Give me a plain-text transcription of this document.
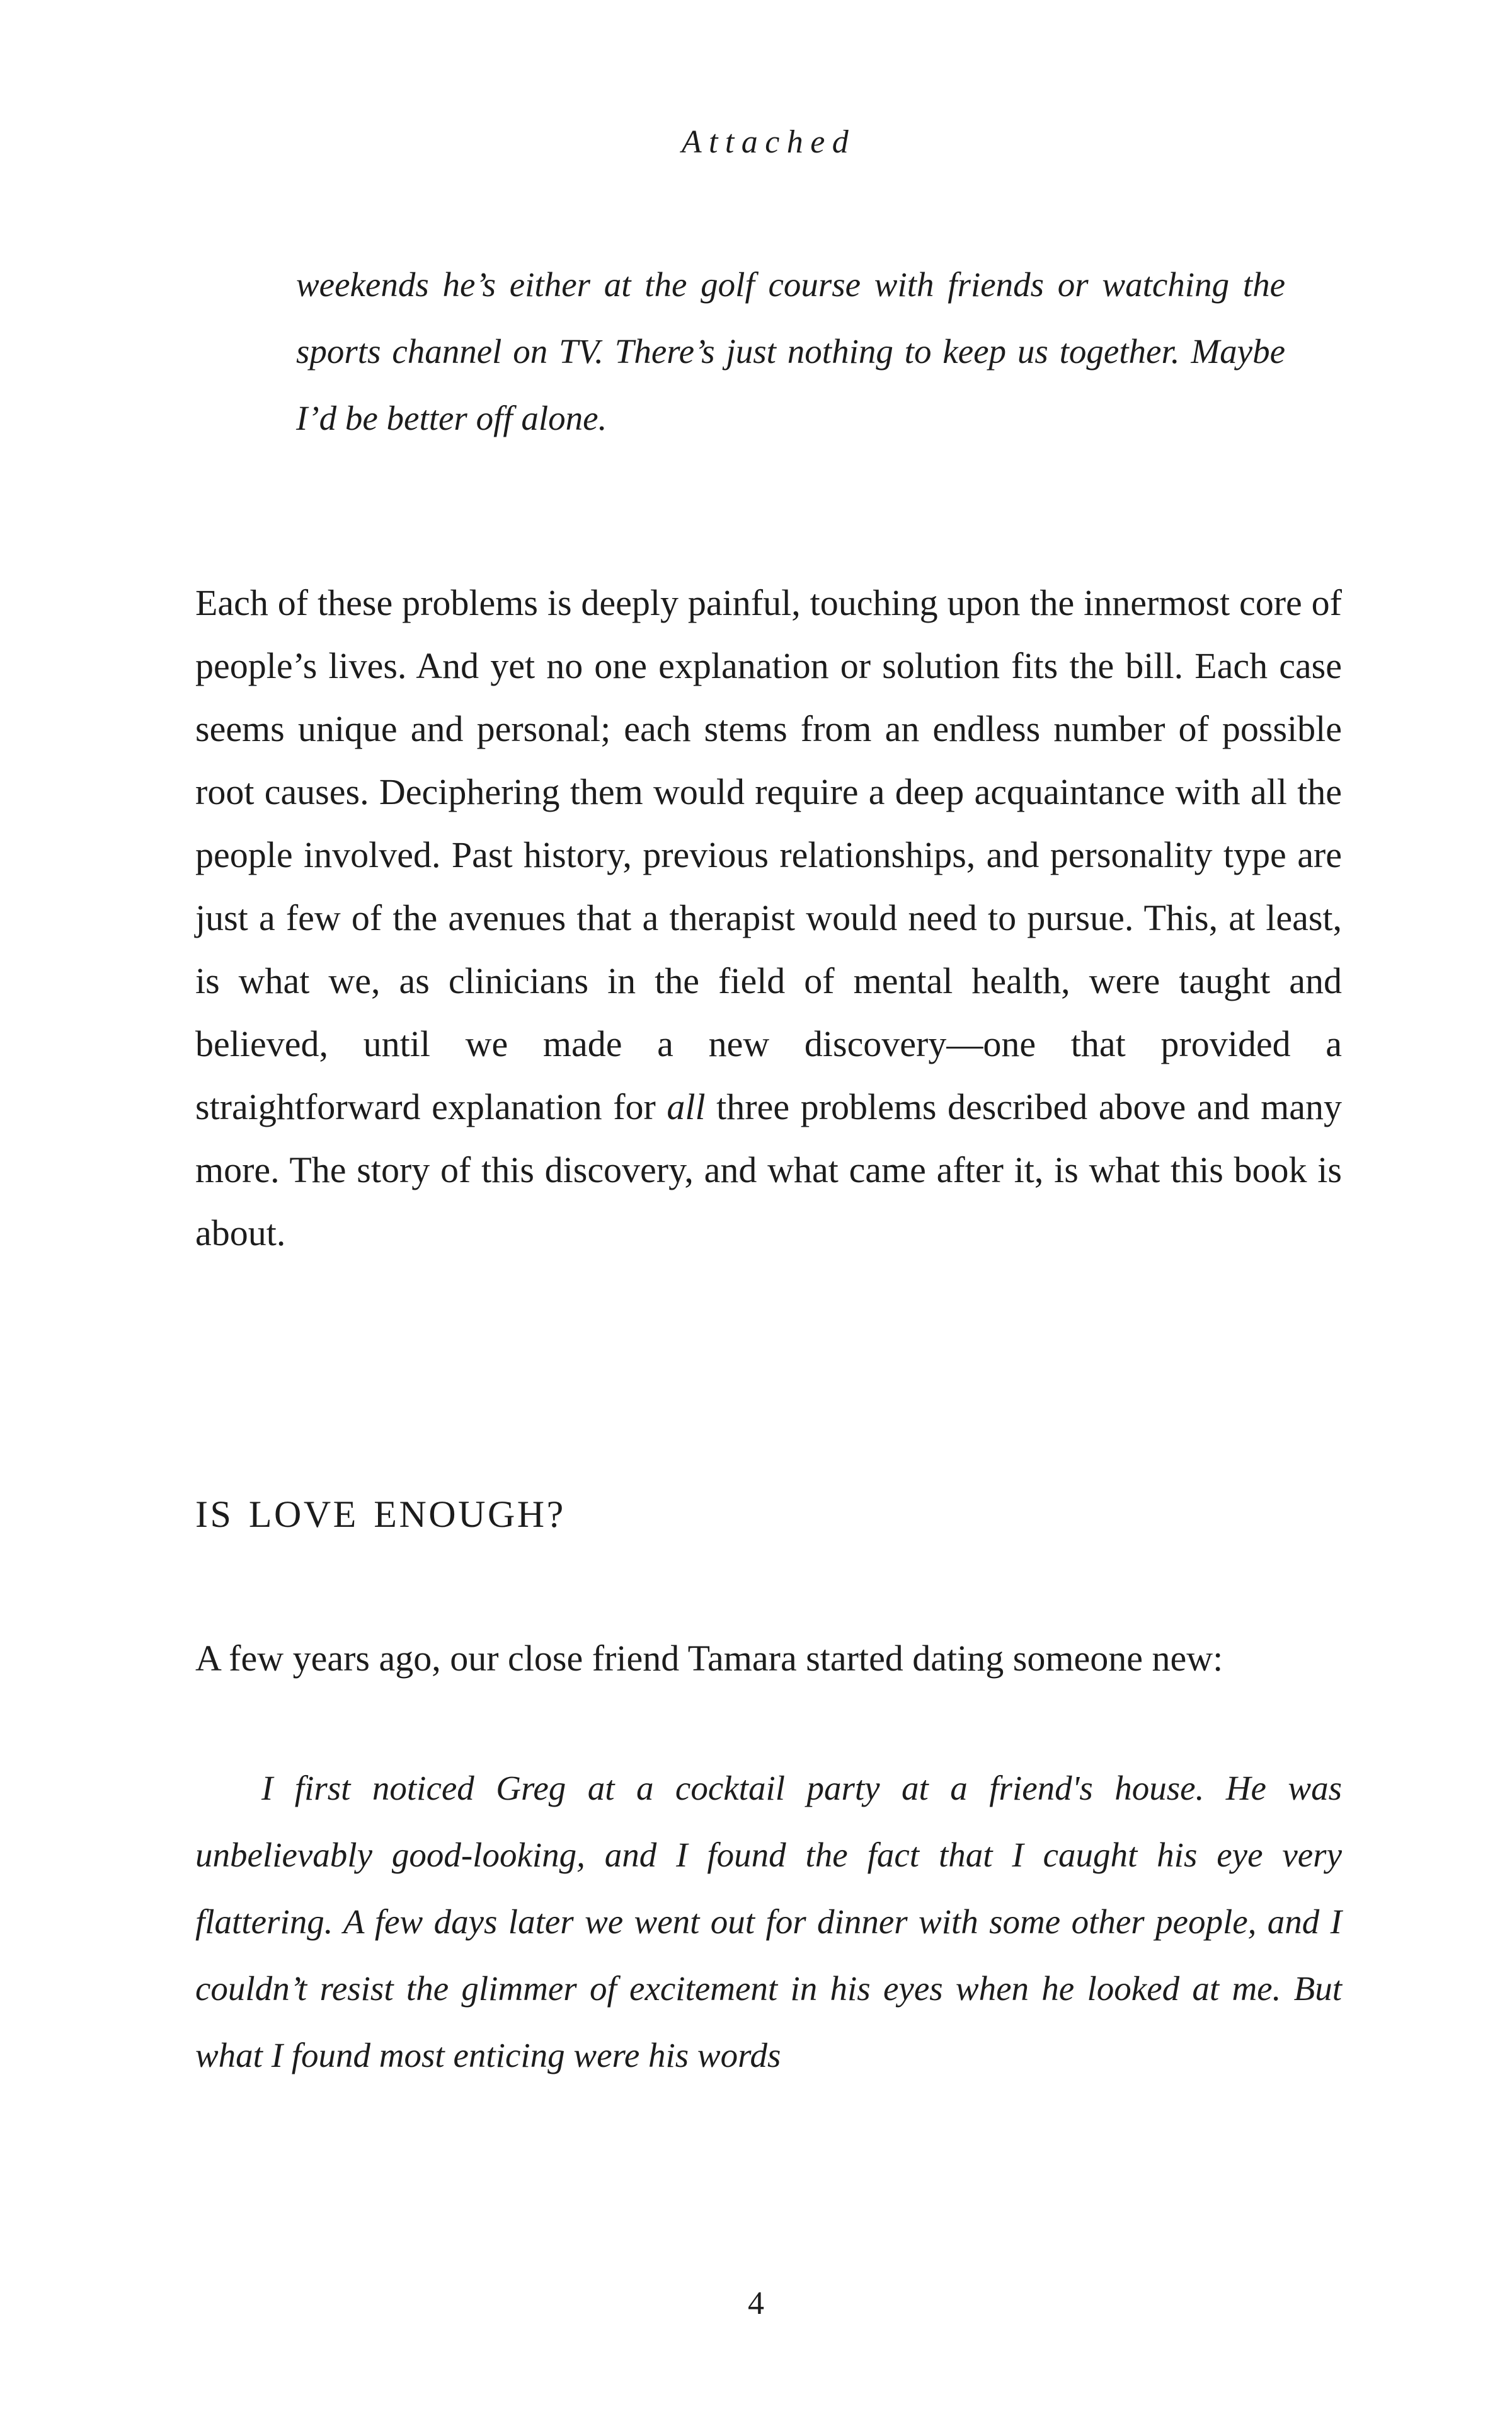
Attached
weekends he’s either at the golf course with friends or watching the sports channel on TV. There’s just nothing to keep us together. Maybe I’d be better off alone.

Each of these problems is deeply painful, touching upon the innermost core of people’s lives. And yet no one explanation or solution fits the bill. Each case seems unique and personal; each stems from an endless number of possible root causes. Deciphering them would require a deep acquaintance with all the people involved. Past history, previous relationships, and personality type are just a few of the avenues that a therapist would need to pursue. This, at least, is what we, as clinicians in the field of mental health, were taught and believed, until we made a new discovery—one that provided a straightforward explanation for all three problems described above and many more. The story of this discovery, and what came after it, is what this book is about.

IS LOVE ENOUGH?

A few years ago, our close friend Tamara started dating someone new:

I first noticed Greg at a cocktail party at a friend's house. He was unbelievably good-looking, and I found the fact that I caught his eye very flattering. A few days later we went out for dinner with some other people, and I couldn’t resist the glimmer of excitement in his eyes when he looked at me. But what I found most enticing were his words
4
